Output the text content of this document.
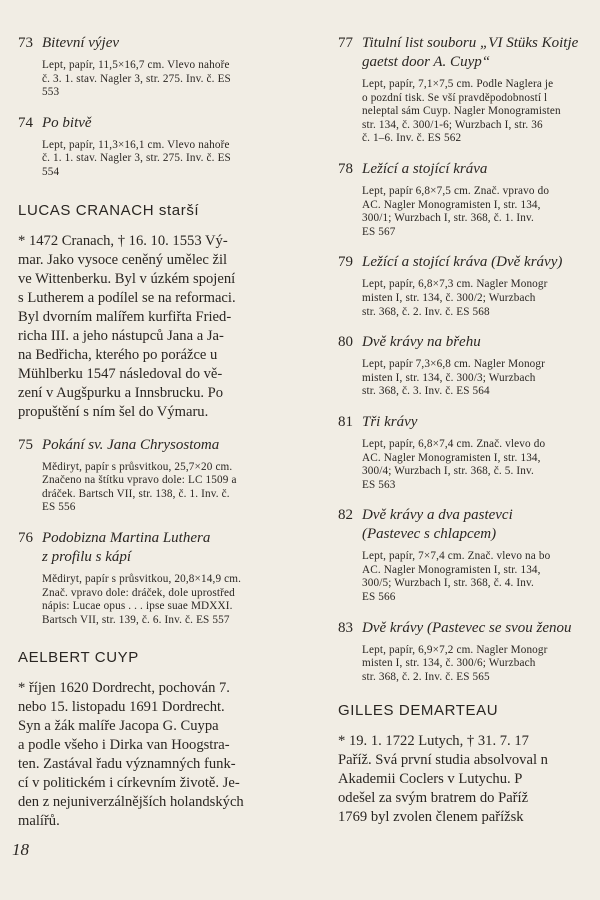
73 Bitevní výjev
Lept, papír, 11,5×16,7 cm. Vlevo nahoře
č. 3. 1. stav. Nagler 3, str. 275. Inv. č. ES
553
74 Po bitvě
Lept, papír, 11,3×16,1 cm. Vlevo nahoře
č. 1. 1. stav. Nagler 3, str. 275. Inv. č. ES
554
LUCAS CRANACH starší
* 1472 Cranach, † 16. 10. 1553 Vý-
mar. Jako vysoce ceněný umělec žil
ve Wittenberku. Byl v úzkém spojení
s Lutherem a podílel se na reformaci.
Byl dvorním malířem kurfiřta Fried-
richa III. a jeho nástupců Jana a Ja-
na Bedřicha, kterého po porážce u
Mühlberku 1547 následoval do vě-
zení v Augšpurku a Innsbrucku. Po
propuštění s ním šel do Výmaru.
75 Pokání sv. Jana Chrysostoma
Mědiryt, papír s průsvitkou, 25,7×20 cm.
Značeno na štítku vpravo dole: LC 1509 a
dráček. Bartsch VII, str. 138, č. 1. Inv. č.
ES 556
76 Podobizna Martina Luthera
z profilu s kápí
Mědiryt, papír s průsvitkou, 20,8×14,9 cm.
Znač. vpravo dole: dráček, dole uprostřed
nápis: Lucae opus . . . ipse suae MDXXI.
Bartsch VII, str. 139, č. 6. Inv. č. ES 557
AELBERT CUYP
* říjen 1620 Dordrecht, pochován 7.
nebo 15. listopadu 1691 Dordrecht.
Syn a žák malíře Jacopa G. Cuypa
a podle všeho i Dirka van Hoogstra-
ten. Zastával řadu významných funk-
cí v politickém i církevním životě. Je-
den z nejuniverzálnějších holandských
malířů.
77 Titulní list souboru „VI Stüks Koitje
gaetst door A. Cuyp“
Lept, papír, 7,1×7,5 cm. Podle Naglera je
o pozdní tisk. Se vší pravděpodobností l
neleptal sám Cuyp. Nagler Monogramisten
str. 134, č. 300/1-6; Wurzbach I, str. 36
č. 1–6. Inv. č. ES 562
78 Ležící a stojící kráva
Lept, papír 6,8×7,5 cm. Znač. vpravo do
AC. Nagler Monogramisten I, str. 134,
300/1; Wurzbach I, str. 368, č. 1. Inv.
ES 567
79 Ležící a stojící kráva (Dvě krávy)
Lept, papír, 6,8×7,3 cm. Nagler Monogr
misten I, str. 134, č. 300/2; Wurzbach
str. 368, č. 2. Inv. č. ES 568
80 Dvě krávy na břehu
Lept, papír 7,3×6,8 cm. Nagler Monogr
misten I, str. 134, č. 300/3; Wurzbach
str. 368, č. 3. Inv. č. ES 564
81 Tři krávy
Lept, papír, 6,8×7,4 cm. Znač. vlevo do
AC. Nagler Monogramisten I, str. 134,
300/4; Wurzbach I, str. 368, č. 5. Inv.
ES 563
82 Dvě krávy a dva pastevci
(Pastevec s chlapcem)
Lept, papír, 7×7,4 cm. Znač. vlevo na bo
AC. Nagler Monogramisten I, str. 134,
300/5; Wurzbach I, str. 368, č. 4. Inv.
ES 566
83 Dvě krávy (Pastevec se svou ženou
Lept, papír, 6,9×7,2 cm. Nagler Monogr
misten I, str. 134, č. 300/6; Wurzbach
str. 368, č. 2. Inv. č. ES 565
GILLES DEMARTEAU
* 19. 1. 1722 Lutych, † 31. 7. 17
Paříž. Svá první studia absolvoval n
Akademii Coclers v Lutychu. P
odešel za svým bratrem do Paříž
1769 byl zvolen členem pařížsk
18
